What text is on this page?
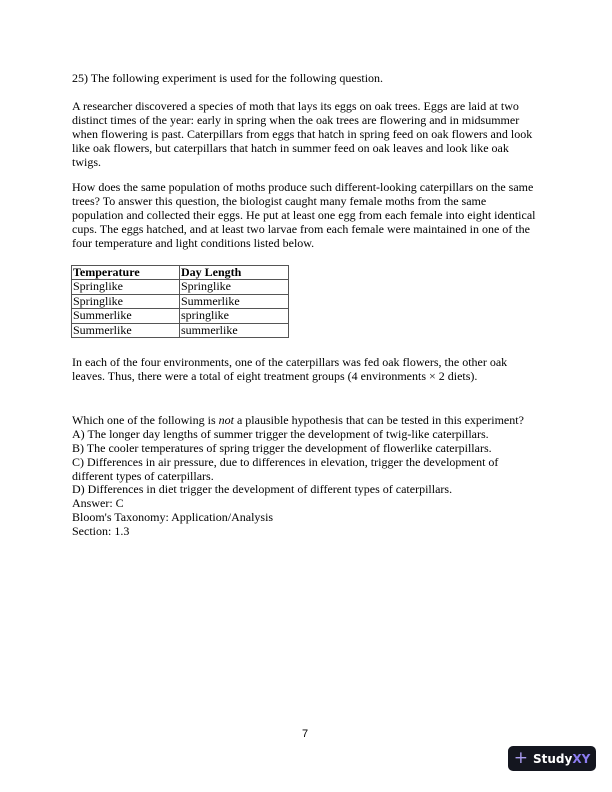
25) The following experiment is used for the following question.
A researcher discovered a species of moth that lays its eggs on oak trees. Eggs are laid at two
distinct times of the year: early in spring when the oak trees are flowering and in midsummer
when flowering is past. Caterpillars from eggs that hatch in spring feed on oak flowers and look
like oak flowers, but caterpillars that hatch in summer feed on oak leaves and look like oak
twigs.
How does the same population of moths produce such different-looking caterpillars on the same
trees? To answer this question, the biologist caught many female moths from the same
population and collected their eggs. He put at least one egg from each female into eight identical
cups. The eggs hatched, and at least two larvae from each female were maintained in one of the
four temperature and light conditions listed below.
Temperature	Day Length
Springlike	Springlike
Springlike	Summerlike
Summerlike	springlike
Summerlike	summerlike
In each of the four environments, one of the caterpillars was fed oak flowers, the other oak
leaves. Thus, there were a total of eight treatment groups (4 environments × 2 diets).
Which one of the following is not a plausible hypothesis that can be tested in this experiment?
A) The longer day lengths of summer trigger the development of twig-like caterpillars.
B) The cooler temperatures of spring trigger the development of flowerlike caterpillars.
C) Differences in air pressure, due to differences in elevation, trigger the development of
different types of caterpillars.
D) Differences in diet trigger the development of different types of caterpillars.
Answer: C
Bloom's Taxonomy: Application/Analysis
Section: 1.3
7
+ StudyXY
